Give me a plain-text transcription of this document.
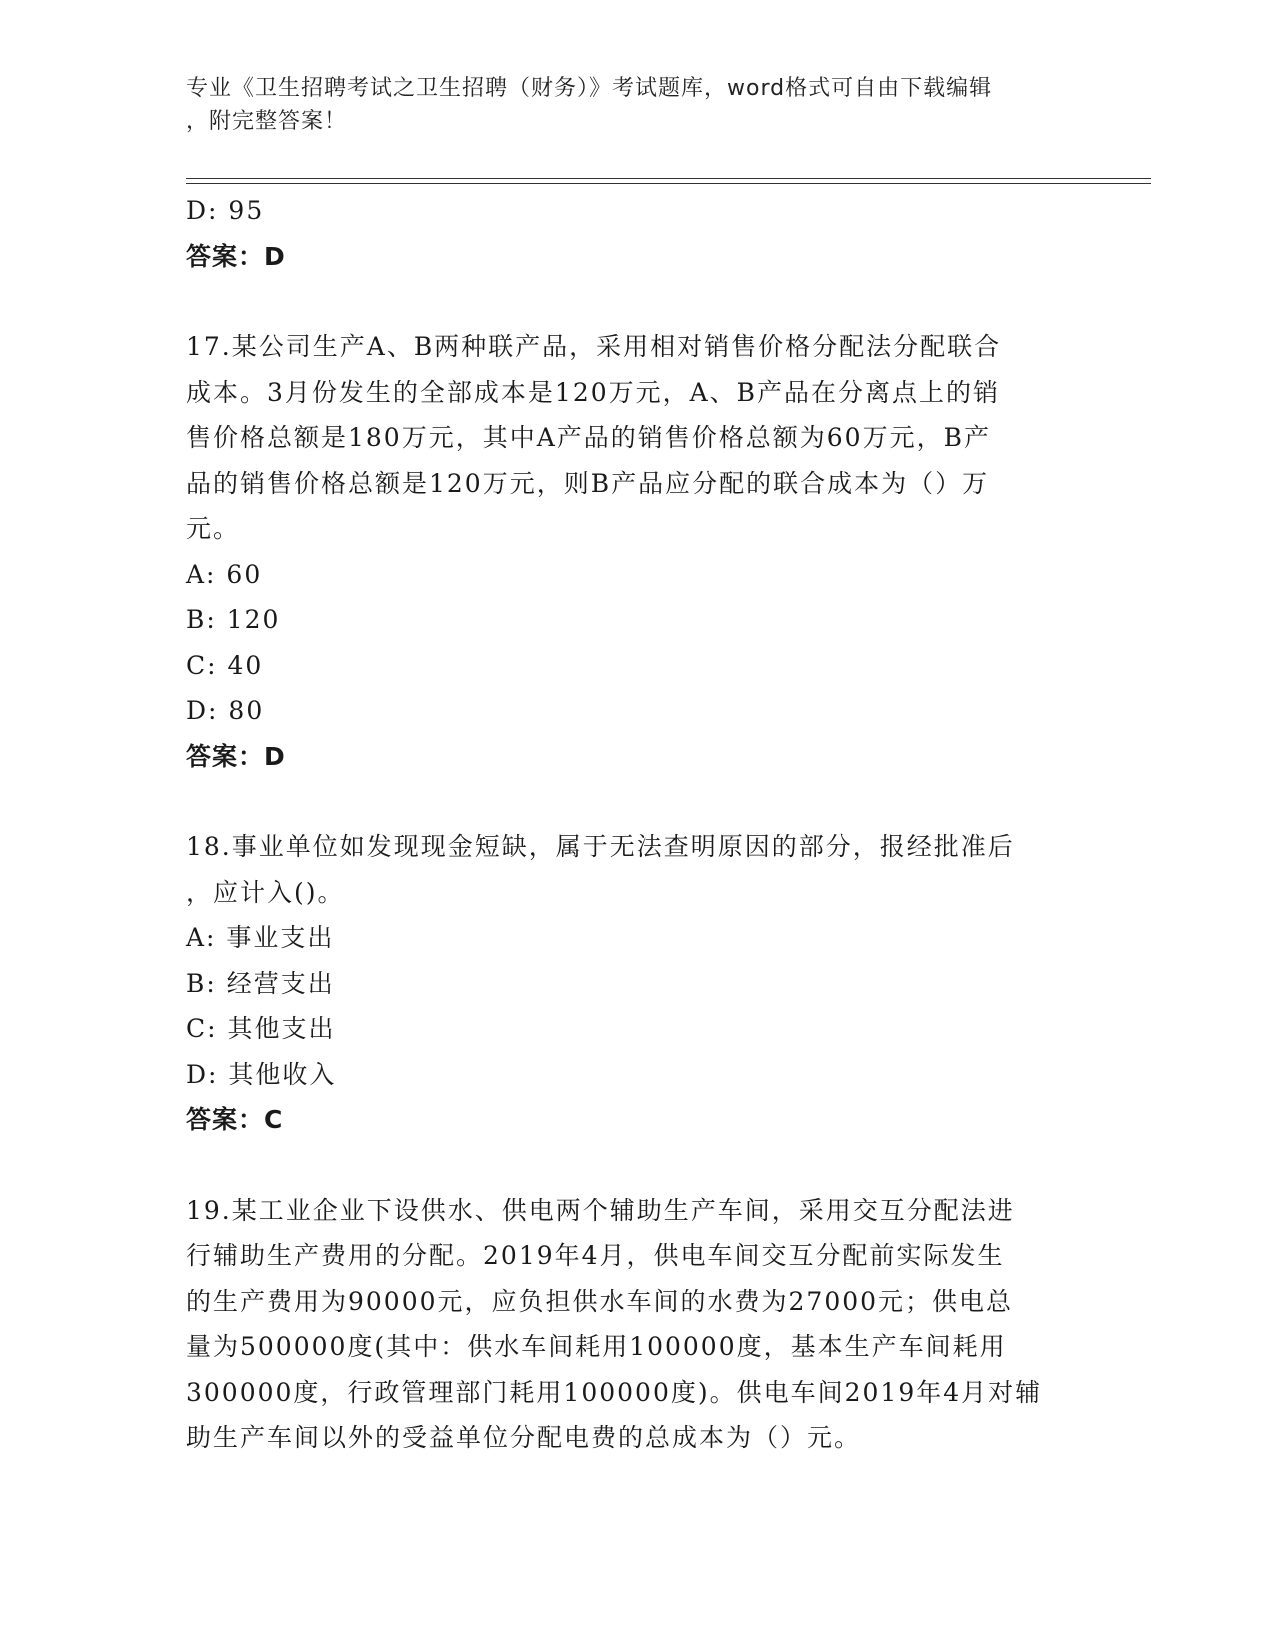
专业《卫生招聘考试之卫生招聘（财务）》考试题库，word格式可自由下载编辑
，附完整答案！
D: 95
答案：D
17.某公司生产A、B两种联产品，采用相对销售价格分配法分配联合
成本。3月份发生的全部成本是120万元，A、B产品在分离点上的销
售价格总额是180万元，其中A产品的销售价格总额为60万元，B产
品的销售价格总额是120万元，则B产品应分配的联合成本为（）万
元。
A: 60
B: 120
C: 40
D: 80
答案：D
18.事业单位如发现现金短缺，属于无法查明原因的部分，报经批准后
，应计入()。
A: 事业支出
B: 经营支出
C: 其他支出
D: 其他收入
答案：C
19.某工业企业下设供水、供电两个辅助生产车间，采用交互分配法进
行辅助生产费用的分配。2019年4月，供电车间交互分配前实际发生
的生产费用为90000元，应负担供水车间的水费为27000元；供电总
量为500000度(其中：供水车间耗用100000度，基本生产车间耗用
300000度，行政管理部门耗用100000度)。供电车间2019年4月对辅
助生产车间以外的受益单位分配电费的总成本为（）元。
